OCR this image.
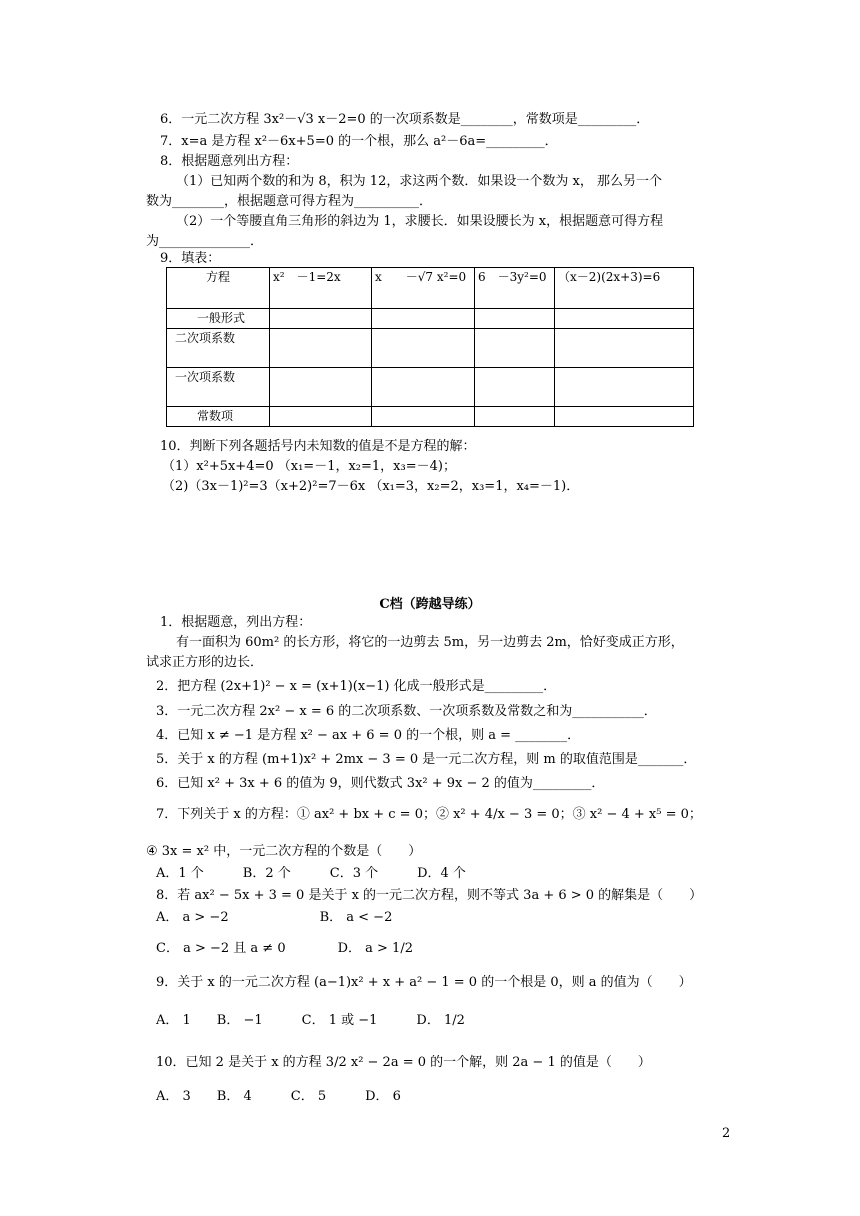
6．一元二次方程 3x²－√3 x－2=0 的一次项系数是________，常数项是_________．
7．x=a 是方程 x²－6x+5=0 的一个根，那么 a²－6a=_________．
8．根据题意列出方程：
（1）已知两个数的和为 8，积为 12，求这两个数．如果设一个数为 x， 那么另一个
数为________，根据题意可得方程为__________．
（2）一个等腰直角三角形的斜边为 1，求腰长．如果设腰长为 x，根据题意可得方程
为______________．
9．填表：
方程	x²　－1=2x	x　　－√7 x²=0	6　－3y²=0	（x－2)(2x+3)=6
一般形式				
二次项系数				
一次项系数				
常数项				
10．判断下列各题括号内未知数的值是不是方程的解：
（1）x²+5x+4=0 （x₁=－1，x₂=1，x₃=－4)；
（2)（3x－1)²=3（x+2)²=7－6x （x₁=3，x₂=2，x₃=1，x₄=－1)．
C档（跨越导练）
1．根据题意，列出方程：
有一面积为 60m² 的长方形，将它的一边剪去 5m，另一边剪去 2m，恰好变成正方形，
试求正方形的边长．
2．把方程 (2x+1)² − x = (x+1)(x−1) 化成一般形式是_________．
3．一元二次方程 2x² − x = 6 的二次项系数、一次项系数及常数之和为___________．
4．已知 x ≠ −1 是方程 x² − ax + 6 = 0 的一个根，则 a = ________．
5．关于 x 的方程 (m+1)x² + 2mx − 3 = 0 是一元二次方程，则 m 的取值范围是_______．
6．已知 x² + 3x + 6 的值为 9，则代数式 3x² + 9x − 2 的值为_________．
7．下列关于 x 的方程：① ax² + bx + c = 0；② x² + 4/x − 3 = 0；③ x² − 4 + x⁵ = 0；
④ 3x = x² 中，一元二次方程的个数是（　　）
A．1 个　　　B．2 个　　　C．3 个　　　D．4 个
8．若 ax² − 5x + 3 = 0 是关于 x 的一元二次方程，则不等式 3a + 6 > 0 的解集是（　　）
A． a > −2　　　　　　　B． a < −2
C． a > −2 且 a ≠ 0　　　　D． a > 1/2
9．关于 x 的一元二次方程 (a−1)x² + x + a² − 1 = 0 的一个根是 0，则 a 的值为（　　）
A． 1　　B． −1　　　C． 1 或 −1　　　D． 1/2
10．已知 2 是关于 x 的方程 3/2 x² − 2a = 0 的一个解，则 2a − 1 的值是（　　）
A． 3　　B． 4　　　C． 5　　　D． 6
2
